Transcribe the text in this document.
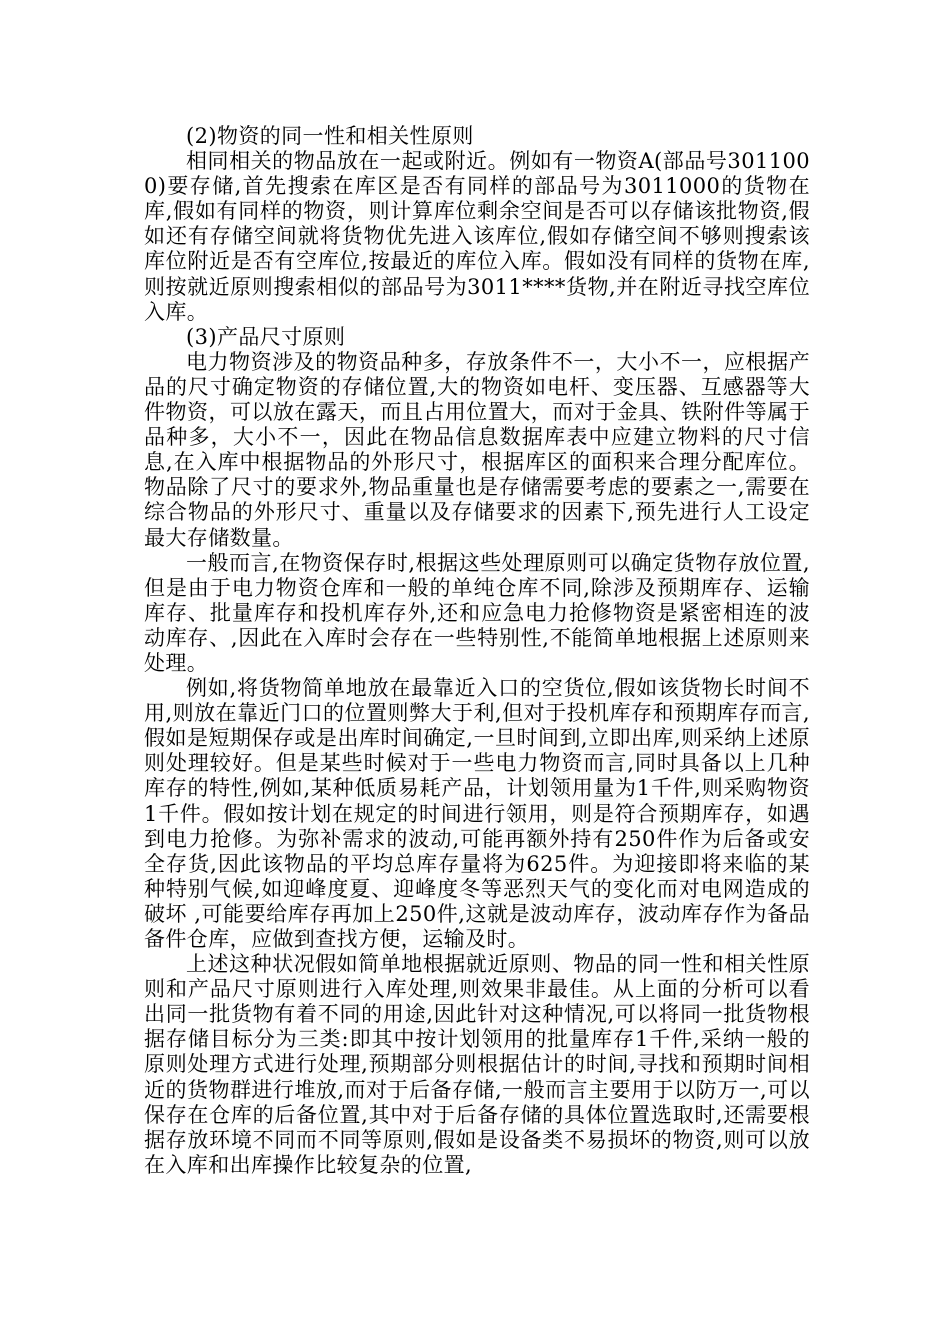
(2)物资的同一性和相关性原则

相同相关的物品放在一起或附近。例如有一物资A(部品号3011000)要存储,首先搜索在库区是否有同样的部品号为3011000的货物在库,假如有同样的物资，则计算库位剩余空间是否可以存储该批物资,假如还有存储空间就将货物优先进入该库位,假如存储空间不够则搜索该库位附近是否有空库位,按最近的库位入库。假如没有同样的货物在库,则按就近原则搜索相似的部品号为3011****货物,并在附近寻找空库位入库。

(3)产品尺寸原则

电力物资涉及的物资品种多，存放条件不一，大小不一，应根据产品的尺寸确定物资的存储位置,大的物资如电杆、变压器、互感器等大件物资，可以放在露天，而且占用位置大，而对于金具、铁附件等属于品种多，大小不一，因此在物品信息数据库表中应建立物料的尺寸信息,在入库中根据物品的外形尺寸，根据库区的面积来合理分配库位。物品除了尺寸的要求外,物品重量也是存储需要考虑的要素之一,需要在综合物品的外形尺寸、重量以及存储要求的因素下,预先进行人工设定最大存储数量。

一般而言,在物资保存时,根据这些处理原则可以确定货物存放位置,但是由于电力物资仓库和一般的单纯仓库不同,除涉及预期库存、运输库存、批量库存和投机库存外,还和应急电力抢修物资是紧密相连的波动库存、,因此在入库时会存在一些特别性,不能简单地根据上述原则来处理。

例如,将货物简单地放在最靠近入口的空货位,假如该货物长时间不用,则放在靠近门口的位置则弊大于利,但对于投机库存和预期库存而言,假如是短期保存或是出库时间确定,一旦时间到,立即出库,则采纳上述原则处理较好。但是某些时候对于一些电力物资而言,同时具备以上几种库存的特性,例如,某种低质易耗产品，计划领用量为1千件,则采购物资1千件。假如按计划在规定的时间进行领用，则是符合预期库存，如遇到电力抢修。为弥补需求的波动,可能再额外持有250件作为后备或安全存货,因此该物品的平均总库存量将为625件。为迎接即将来临的某种特别气候,如迎峰度夏、迎峰度冬等恶烈天气的变化而对电网造成的破坏 ,可能要给库存再加上250件,这就是波动库存，波动库存作为备品备件仓库，应做到查找方便，运输及时。

上述这种状况假如简单地根据就近原则、物品的同一性和相关性原则和产品尺寸原则进行入库处理,则效果非最佳。从上面的分析可以看出同一批货物有着不同的用途,因此针对这种情况,可以将同一批货物根据存储目标分为三类:即其中按计划领用的批量库存1千件,采纳一般的原则处理方式进行处理,预期部分则根据估计的时间,寻找和预期时间相近的货物群进行堆放,而对于后备存储,一般而言主要用于以防万一,可以保存在仓库的后备位置,其中对于后备存储的具体位置选取时,还需要根据存放环境不同而不同等原则,假如是设备类不易损坏的物资,则可以放在入库和出库操作比较复杂的位置,
